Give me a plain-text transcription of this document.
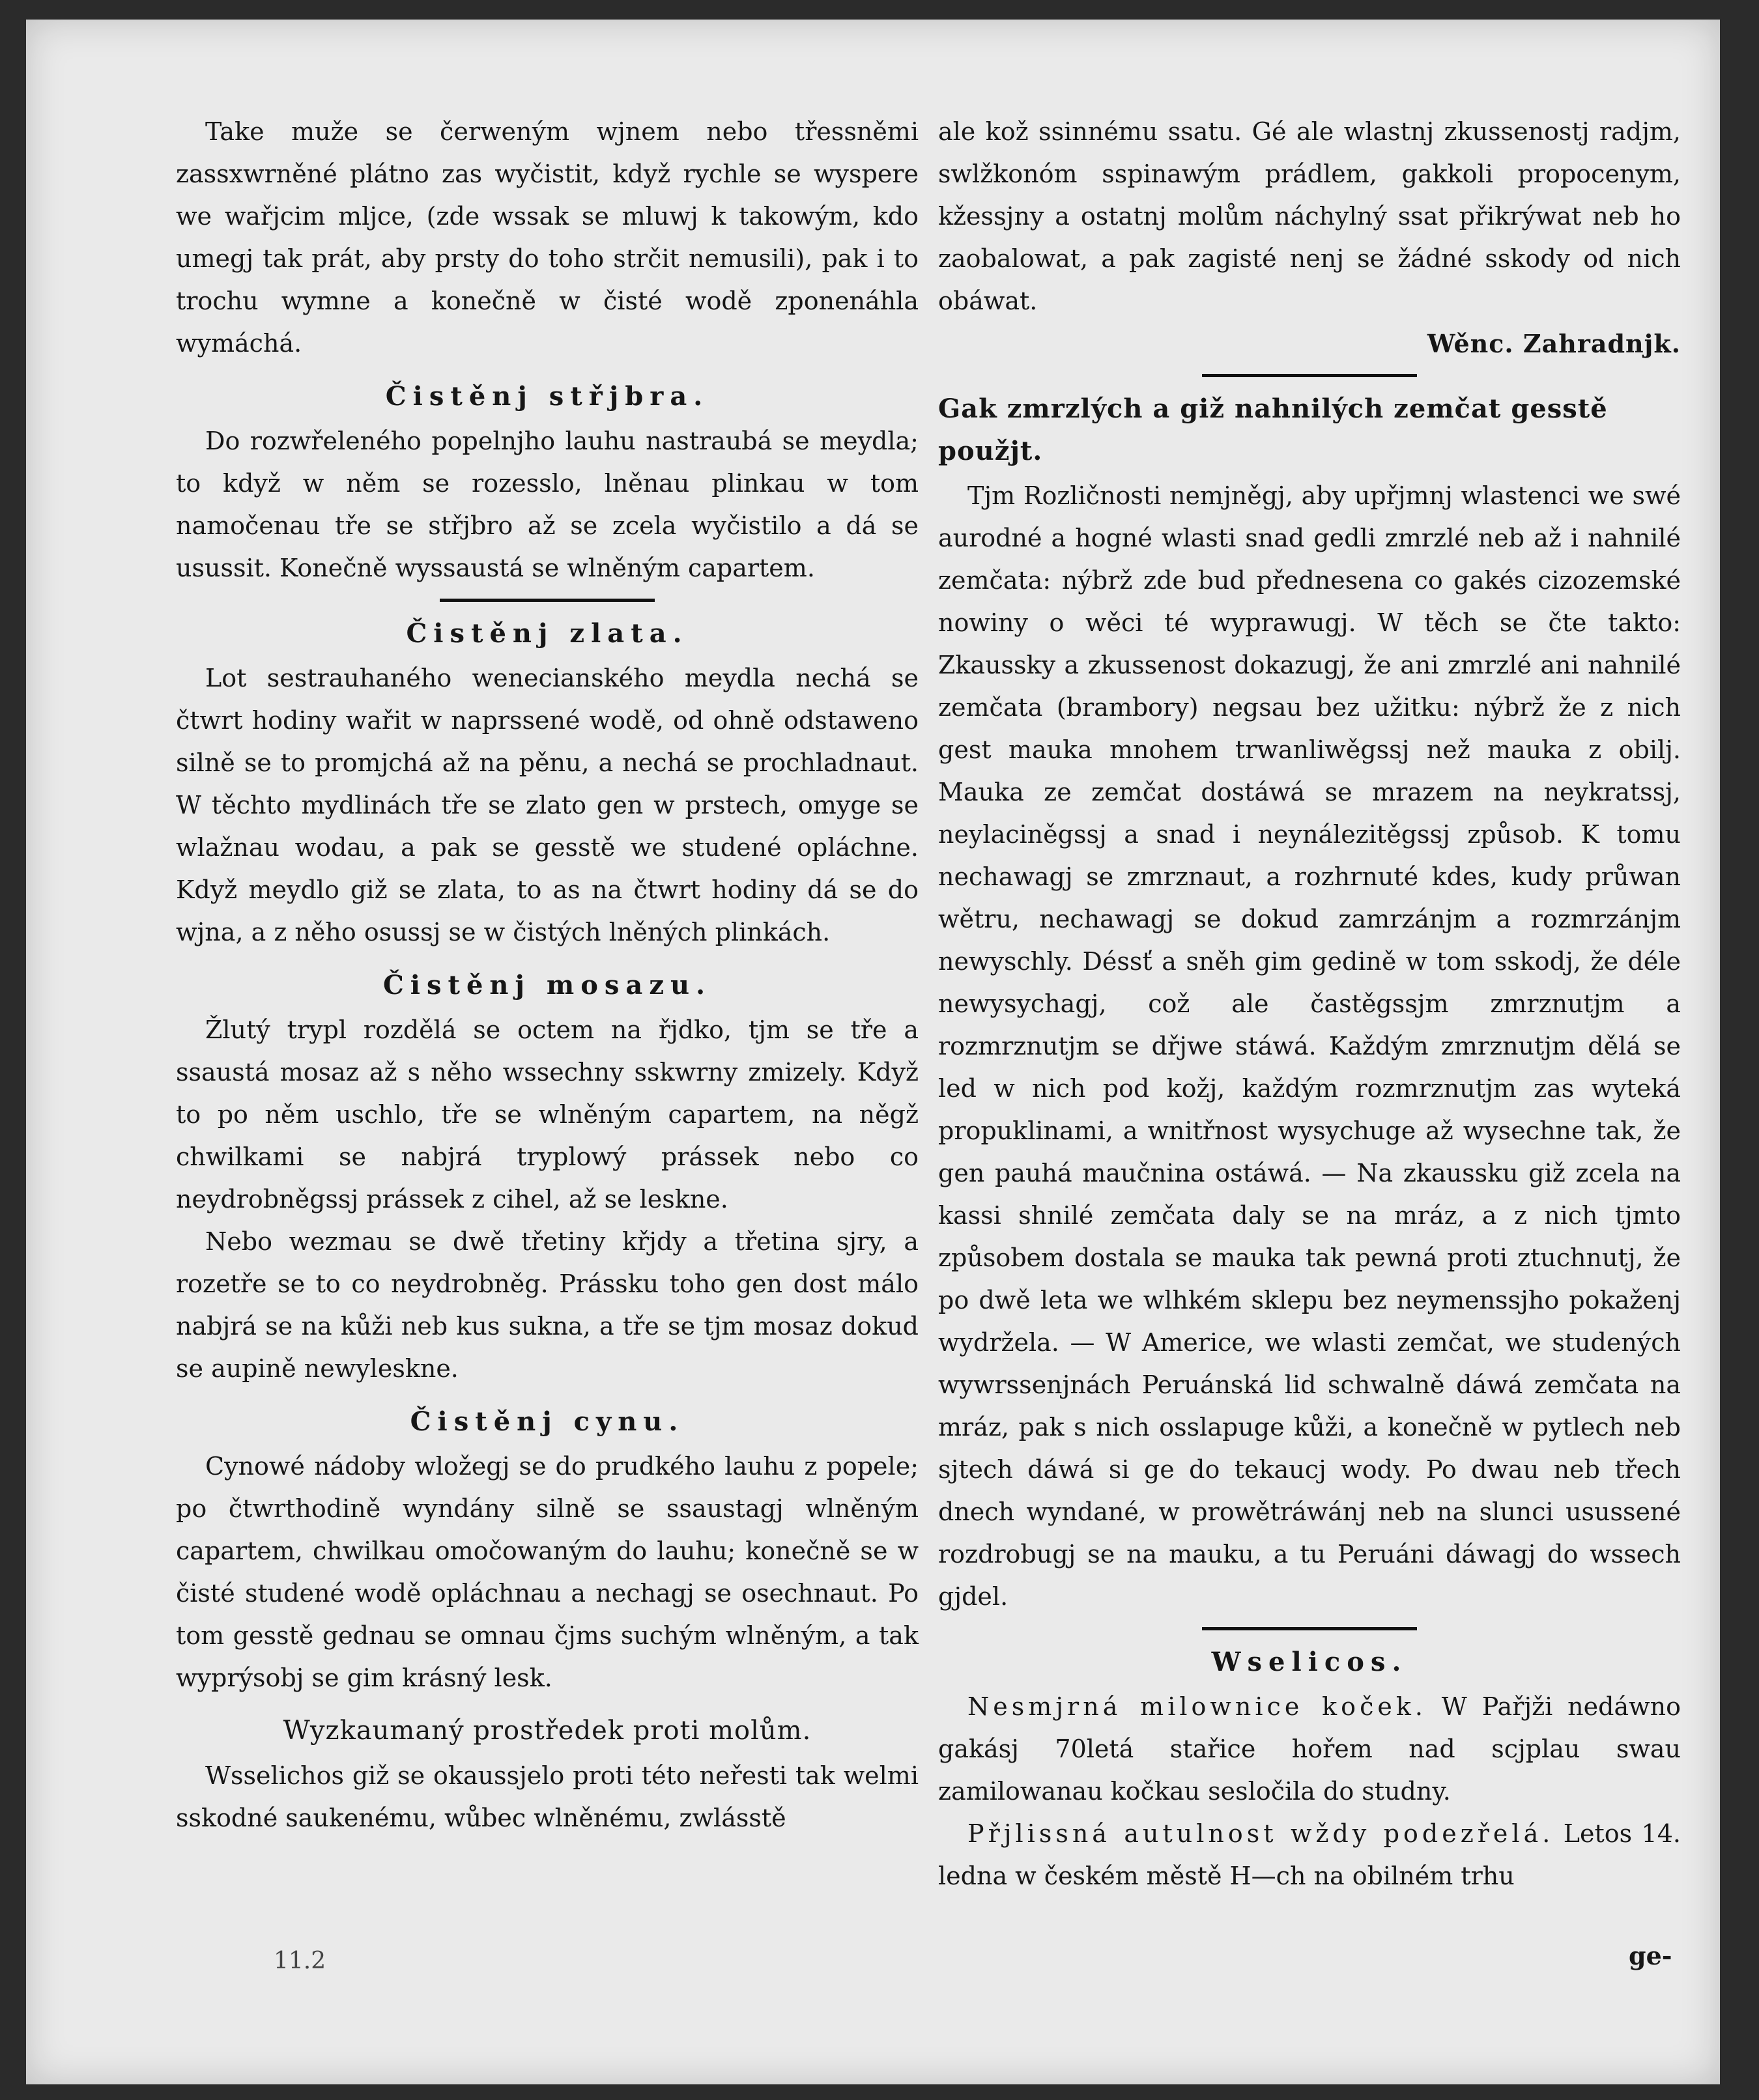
Take muže se čerweným wjnem nebo třessněmi zassxwrněné plátno zas wyčistit, když rychle se wyspere we wařjcim mljce, (zde wssak se mluwj k takowým, kdo umegj tak prát, aby prsty do toho strčit nemusili), pak i to trochu wymne a konečně w čisté wodě zponenáhla wymáchá.

Čistěnj střjbra.

Do rozwřeleného popelnjho lauhu nastraubá se meydla; to když w něm se rozesslo, lněnau plinkau w tom namočenau tře se střjbro až se zcela wyčistilo a dá se usussit. Konečně wyssaustá se wlněným capartem.

Čistěnj zlata.

Lot sestrauhaného wenecianského meydla nechá se čtwrt hodiny wařit w naprssené wodě, od ohně odstaweno silně se to promjchá až na pěnu, a nechá se prochladnaut. W těchto mydlinách tře se zlato gen w prstech, omyge se wlažnau wodau, a pak se gesstě we studené opláchne. Když meydlo giž se zlata, to as na čtwrt hodiny dá se do wjna, a z něho osussj se w čistých lněných plinkách.

Čistěnj mosazu.

Žlutý trypl rozdělá se octem na řjdko, tjm se tře a ssaustá mosaz až s něho wssechny sskwrny zmizely. Když to po něm uschlo, tře se wlněným capartem, na něgž chwilkami se nabjrá tryplowý prássek nebo co neydrobněgssj prássek z cihel, až se leskne.

Nebo wezmau se dwě třetiny křjdy a třetina sjry, a rozetře se to co neydrobněg. Prássku toho gen dost málo nabjrá se na kůži neb kus sukna, a tře se tjm mosaz dokud se aupině newyleskne.

Čistěnj cynu.

Cynowé nádoby wložegj se do prudkého lauhu z popele; po čtwrthodině wyndány silně se ssaustagj wlněným capartem, chwilkau omočowaným do lauhu; konečně se w čisté studené wodě opláchnau a nechagj se osechnaut. Po tom gesstě gednau se omnau čjms suchým wlněným, a tak wyprýsobj se gim krásný lesk.

Wyzkaumaný prostředek proti molům.

Wsselichos giž se okaussjelo proti této neřesti tak welmi sskodné saukenému, wůbec wlněnému, zwlásstě

ale kož ssinnému ssatu. Gé ale wlastnj zkussenostj radjm, swlžkonóm sspinawým prádlem, gakkoli propocenym, kžessjny a ostatnj molům náchylný ssat přikrýwat neb ho zaobalowat, a pak zagisté nenj se žádné sskody od nich obáwat.

Wěnc. Zahradnjk.

Gak zmrzlých a giž nahnilých zemčat gesstě použjt.

Tjm Rozličnosti nemjněgj, aby upřjmnj wlastenci we swé aurodné a hogné wlasti snad gedli zmrzlé neb až i nahnilé zemčata: nýbrž zde bud přednesena co gakés cizozemské nowiny o wěci té wyprawugj. W těch se čte takto: Zkaussky a zkussenost dokazugj, že ani zmrzlé ani nahnilé zemčata (brambory) negsau bez užitku: nýbrž že z nich gest mauka mnohem trwanliwěgssj než mauka z obilj. Mauka ze zemčat dostáwá se mrazem na neykratssj, neylaciněgssj a snad i neynálezitěgssj způsob. K tomu nechawagj se zmrznaut, a rozhrnuté kdes, kudy průwan wětru, nechawagj se dokud zamrzánjm a rozmrzánjm newyschly. Déssť a sněh gim gedině w tom sskodj, že déle newysychagj, což ale častěgssjm zmrznutjm a rozmrznutjm se dřjwe stáwá. Každým zmrznutjm dělá se led w nich pod kožj, každým rozmrznutjm zas wyteká propuklinami, a wnitřnost wysychuge až wysechne tak, že gen pauhá maučnina ostáwá. — Na zkaussku giž zcela na kassi shnilé zemčata daly se na mráz, a z nich tjmto způsobem dostala se mauka tak pewná proti ztuchnutj, že po dwě leta we wlhkém sklepu bez neymenssjho pokaženj wydržela. — W Americe, we wlasti zemčat, we studených wywrssenjnách Peruánská lid schwalně dáwá zemčata na mráz, pak s nich osslapuge kůži, a konečně w pytlech neb sjtech dáwá si ge do tekaucj wody. Po dwau neb třech dnech wyndané, w prowětráwánj neb na slunci usussené rozdrobugj se na mauku, a tu Peruáni dáwagj do wssech gjdel.

Wselicos.

Nesmjrná milownice koček. W Pařjži nedáwno gakásj 70letá stařice hořem nad scjplau swau zamilowanau kočkau sesločila do studny.

Přjlissná autulnost wždy podezřelá. Letos 14. ledna w českém městě H—ch na obilném trhu

11.2	ge-
